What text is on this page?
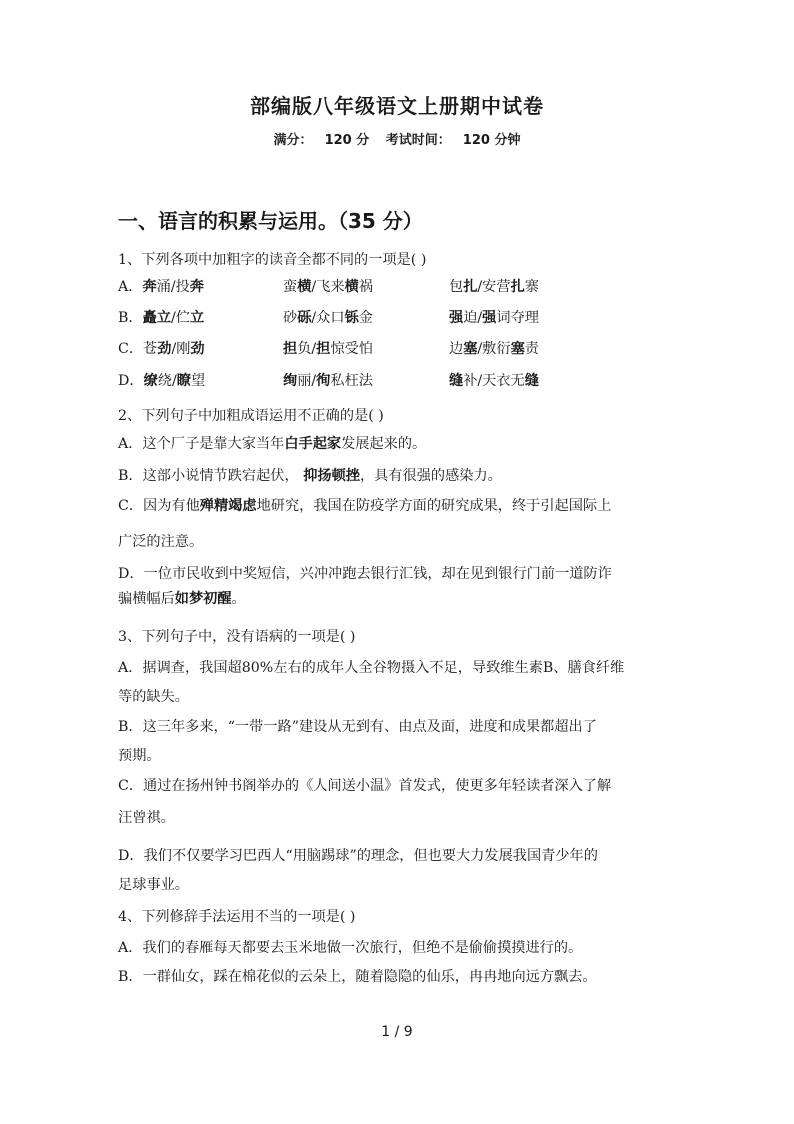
部编版八年级语文上册期中试卷
满分： 120 分 考试时间： 120 分钟
一、语言的积累与运用。（35 分）
1、下列各项中加粗字的读音全都不同的一项是( )
A．奔涌/投奔	蛮横/飞来横祸	包扎/安营扎寨
B．矗立/伫立	砂砾/众口铄金	强迫/强词夺理
C．苍劲/刚劲	担负/担惊受怕	边塞/敷衍塞责
D．缭绕/瞭望	绚丽/徇私枉法	缝补/天衣无缝
2、下列句子中加粗成语运用不正确的是( )
A．这个厂子是靠大家当年白手起家发展起来的。
B．这部小说情节跌宕起伏， 抑扬顿挫，具有很强的感染力。
C．因为有他殚精竭虑地研究，我国在防疫学方面的研究成果，终于引起国际上
广泛的注意。
D．一位市民收到中奖短信，兴冲冲跑去银行汇钱，却在见到银行门前一道防诈
骗横幅后如梦初醒。
3、下列句子中，没有语病的一项是( )
A．据调查，我国超80%左右的成年人全谷物摄入不足，导致维生素B、膳食纤维
等的缺失。
B．这三年多来，“一带一路”建设从无到有、由点及面，进度和成果都超出了
预期。
C．通过在扬州钟书阁举办的《人间送小温》首发式，使更多年轻读者深入了解
汪曾祺。
D．我们不仅要学习巴西人“用脑踢球”的理念，但也要大力发展我国青少年的
足球事业。
4、下列修辞手法运用不当的一项是( )
A．我们的春雁每天都要去玉米地做一次旅行，但绝不是偷偷摸摸进行的。
B．一群仙女，踩在棉花似的云朵上，随着隐隐的仙乐，冉冉地向远方飘去。
1 / 9
